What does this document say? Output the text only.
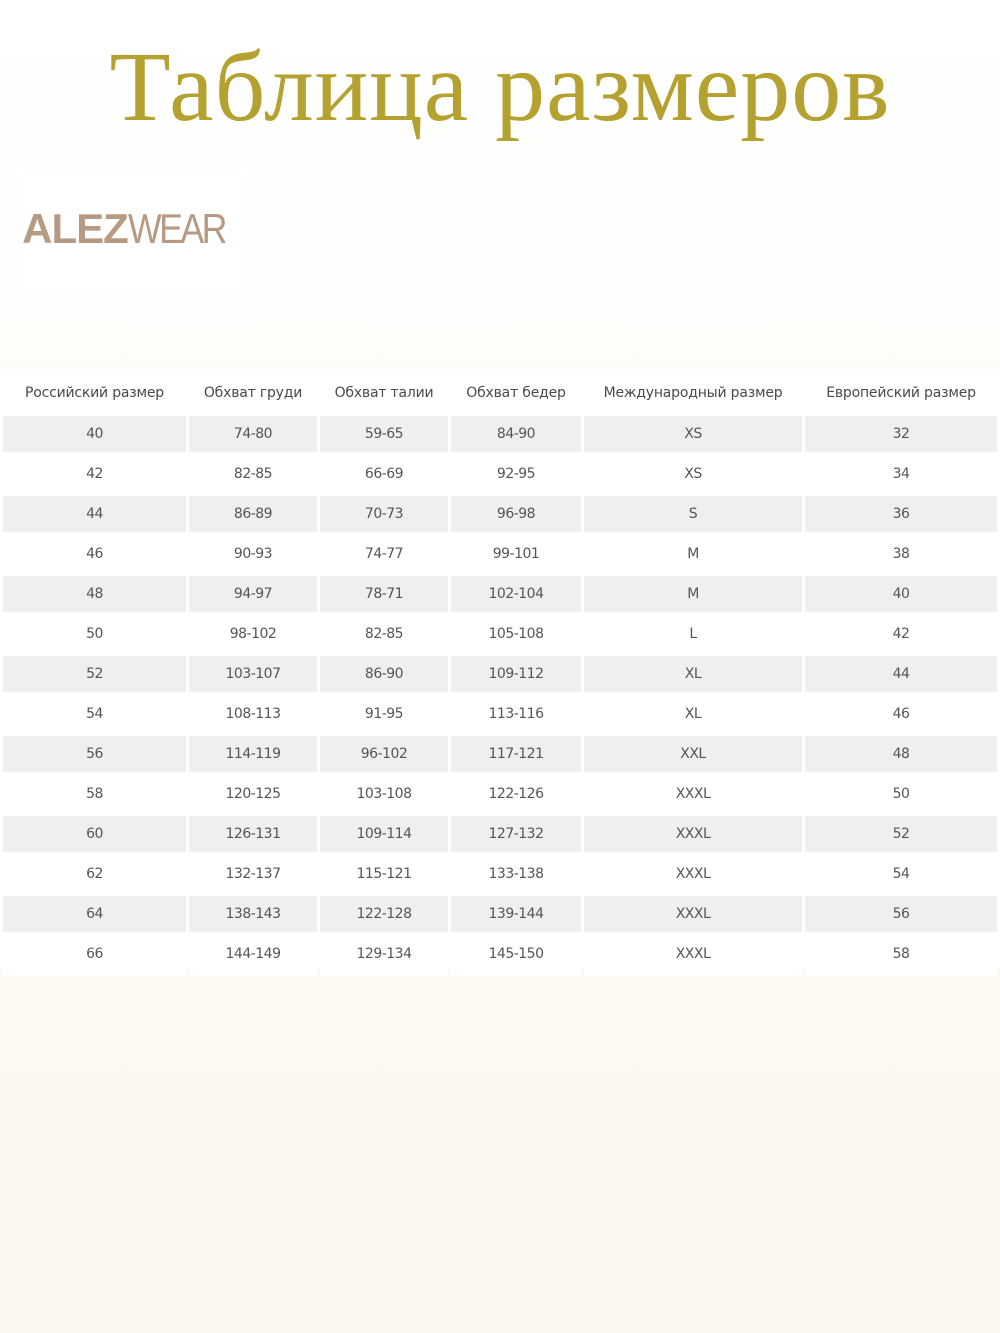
Таблица размеров
ALEZWEAR
Российский размер	Обхват груди	Обхват талии	Обхват бедер	Международный размер	Европейский размер
40	74-80	59-65	84-90	XS	32
42	82-85	66-69	92-95	XS	34
44	86-89	70-73	96-98	S	36
46	90-93	74-77	99-101	M	38
48	94-97	78-71	102-104	M	40
50	98-102	82-85	105-108	L	42
52	103-107	86-90	109-112	XL	44
54	108-113	91-95	113-116	XL	46
56	114-119	96-102	117-121	XXL	48
58	120-125	103-108	122-126	XXXL	50
60	126-131	109-114	127-132	XXXL	52
62	132-137	115-121	133-138	XXXL	54
64	138-143	122-128	139-144	XXXL	56
66	144-149	129-134	145-150	XXXL	58
